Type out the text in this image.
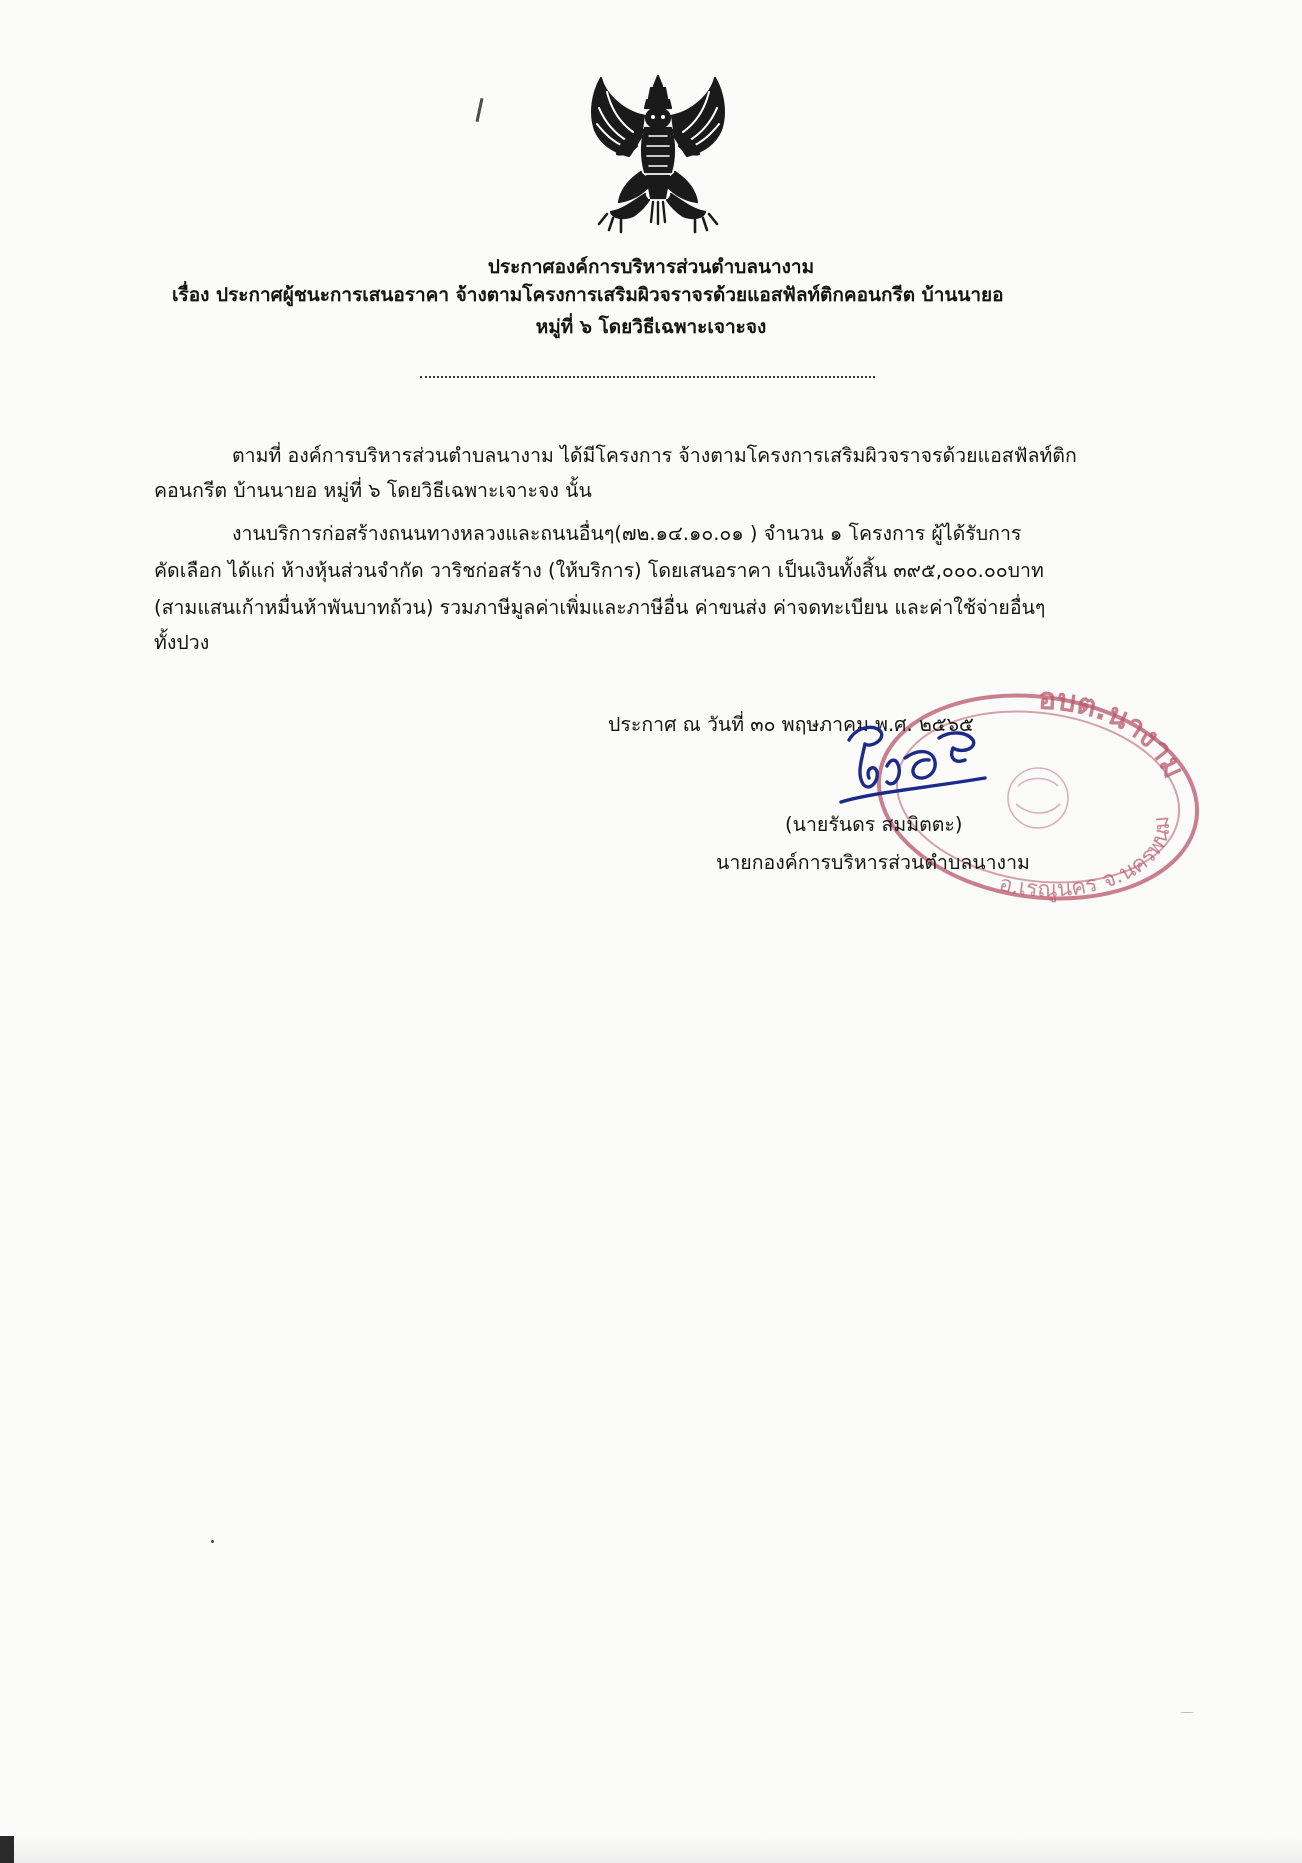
ประกาศองค์การบริหารส่วนตำบลนางาม
เรื่อง ประกาศผู้ชนะการเสนอราคา จ้างตามโครงการเสริมผิวจราจรด้วยแอสฟัลท์ติกคอนกรีต บ้านนายอ
หมู่ที่ ๖ โดยวิธีเฉพาะเจาะจง
ตามที่ องค์การบริหารส่วนตำบลนางาม ได้มีโครงการ จ้างตามโครงการเสริมผิวจราจรด้วยแอสฟัลท์ติก
คอนกรีต บ้านนายอ หมู่ที่ ๖ โดยวิธีเฉพาะเจาะจง นั้น
งานบริการก่อสร้างถนนทางหลวงและถนนอื่นๆ(๗๒.๑๔.๑๐.๐๑ ) จำนวน ๑ โครงการ ผู้ได้รับการ
คัดเลือก ได้แก่ ห้างหุ้นส่วนจำกัด วาริชก่อสร้าง (ให้บริการ) โดยเสนอราคา เป็นเงินทั้งสิ้น ๓๙๕,๐๐๐.๐๐บาท
(สามแสนเก้าหมื่นห้าพันบาทถ้วน) รวมภาษีมูลค่าเพิ่มและภาษีอื่น ค่าขนส่ง ค่าจดทะเบียน และค่าใช้จ่ายอื่นๆ
ทั้งปวง
อบต.นางาม
อ.เรณูนคร จ.นครพนม
ประกาศ ณ วันที่ ๓๐ พฤษภาคม พ.ศ. ๒๕๖๕
(นายรันดร สมมิตตะ)
นายกองค์การบริหารส่วนตำบลนางาม
